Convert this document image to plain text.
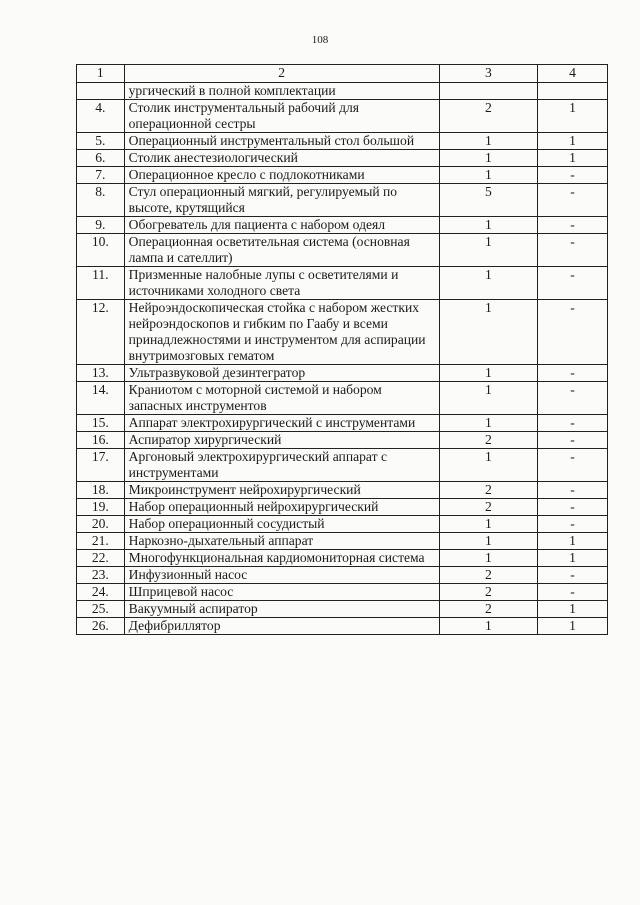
108
1	2	3	4
	ургический в полной комплектации		
4.	Столик инструментальный рабочий для операционной сестры	2	1
5.	Операционный инструментальный стол большой	1	1
6.	Столик анестезиологический	1	1
7.	Операционное кресло с подлокотниками	1	-
8.	Стул операционный мягкий, регулируемый по высоте, крутящийся	5	-
9.	Обогреватель для пациента с набором одеял	1	-
10.	Операционная осветительная система (основная лампа и сателлит)	1	-
11.	Призменные налобные лупы с осветителями и источниками холодного света	1	-
12.	Нейроэндоскопическая стойка с набором жестких нейроэндоскопов и гибким по Гаабу и всеми принадлежностями и инструментом для аспирации внутримозговых гематом	1	-
13.	Ультразвуковой дезинтегратор	1	-
14.	Краниотом с моторной системой и набором запасных инструментов	1	-
15.	Аппарат электрохирургический с инструментами	1	-
16.	Аспиратор хирургический	2	-
17.	Аргоновый электрохирургический аппарат с инструментами	1	-
18.	Микроинструмент нейрохирургический	2	-
19.	Набор операционный нейрохирургический	2	-
20.	Набор операционный сосудистый	1	-
21.	Наркозно-дыхательный аппарат	1	1
22.	Многофункциональная кардиомониторная система	1	1
23.	Инфузионный насос	2	-
24.	Шприцевой насос	2	-
25.	Вакуумный аспиратор	2	1
26.	Дефибриллятор	1	1
